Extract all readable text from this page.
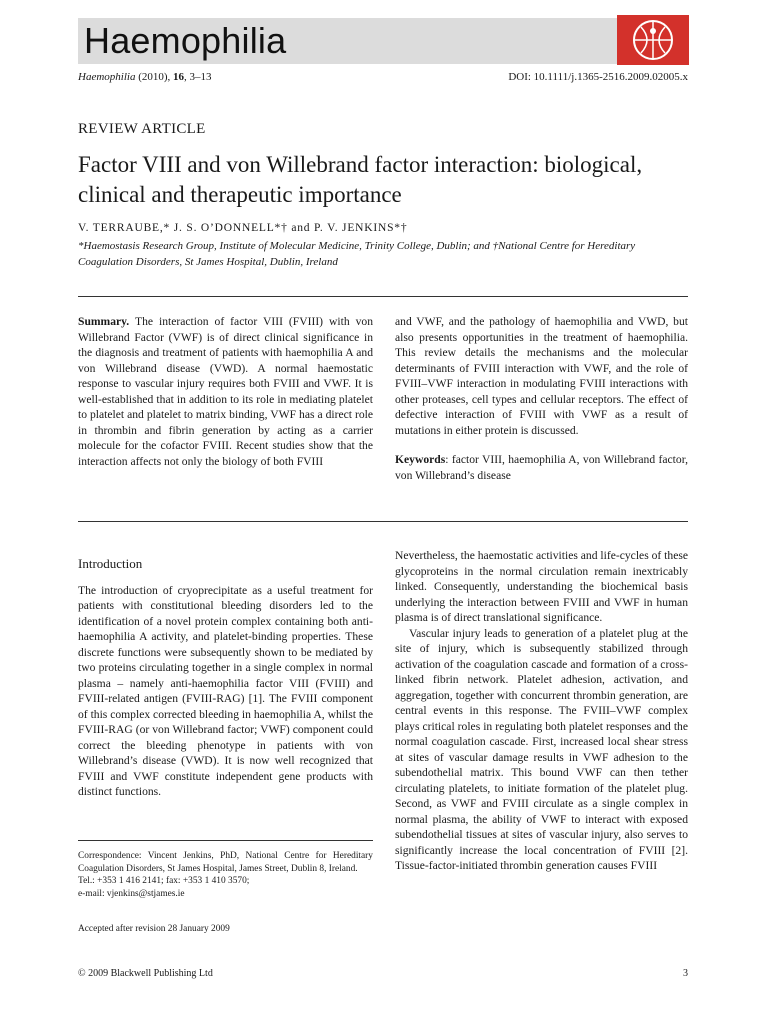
Haemophilia
Haemophilia (2010), 16, 3–13	DOI: 10.1111/j.1365-2516.2009.02005.x
REVIEW ARTICLE
Factor VIII and von Willebrand factor interaction: biological, clinical and therapeutic importance
V. TERRAUBE,* J. S. O’DONNELL*† and P. V. JENKINS*†
*Haemostasis Research Group, Institute of Molecular Medicine, Trinity College, Dublin; and †National Centre for Hereditary Coagulation Disorders, St James Hospital, Dublin, Ireland

Summary. The interaction of factor VIII (FVIII) with von Willebrand Factor (VWF) is of direct clinical significance in the diagnosis and treatment of patients with haemophilia A and von Willebrand disease (VWD). A normal haemostatic response to vascular injury requires both FVIII and VWF. It is well-established that in addition to its role in mediating platelet to platelet and platelet to matrix binding, VWF has a direct role in thrombin and fibrin generation by acting as a carrier molecule for the cofactor FVIII. Recent studies show that the interaction affects not only the biology of both FVIII

and VWF, and the pathology of haemophilia and VWD, but also presents opportunities in the treatment of haemophilia. This review details the mechanisms and the molecular determinants of FVIII interaction with VWF, and the role of FVIII–VWF interaction in modulating FVIII interactions with other proteases, cell types and cellular receptors. The effect of defective interaction of FVIII with VWF as a result of mutations in either protein is discussed.

Keywords: factor VIII, haemophilia A, von Willebrand factor, von Willebrand’s disease

Introduction

The introduction of cryoprecipitate as a useful treatment for patients with constitutional bleeding disorders led to the identification of a novel protein complex containing both anti-haemophilia A activity, and platelet-binding properties. These discrete functions were subsequently shown to be mediated by two proteins circulating together in a single complex in normal plasma – namely anti-haemophilia factor VIII (FVIII) and FVIII-related antigen (FVIII-RAG) [1]. The FVIII component of this complex corrected bleeding in haemophilia A, whilst the FVIII-RAG (or von Willebrand factor; VWF) component could correct the bleeding phenotype in patients with von Willebrand’s disease (VWD). It is now well recognized that FVIII and VWF constitute independent gene products with distinct functions.

Nevertheless, the haemostatic activities and life-cycles of these glycoproteins in the normal circulation remain inextricably linked. Consequently, understanding the biochemical basis underlying the interaction between FVIII and VWF in human plasma is of direct translational significance.

Vascular injury leads to generation of a platelet plug at the site of injury, which is subsequently stabilized through activation of the coagulation cascade and formation of a cross-linked fibrin network. Platelet adhesion, activation, and aggregation, together with concurrent thrombin generation, are central events in this response. The FVIII–VWF complex plays critical roles in regulating both platelet responses and the normal coagulation cascade. First, increased local shear stress at sites of vascular damage results in VWF adhesion to the subendothelial matrix. This bound VWF can then tether circulating platelets, to initiate formation of the platelet plug. Second, as VWF and FVIII circulate as a single complex in normal plasma, the ability of VWF to interact with exposed subendothelial tissues at sites of vascular injury, also serves to significantly increase the local concentration of FVIII [2]. Tissue-factor-initiated thrombin generation causes FVIII

Correspondence: Vincent Jenkins, PhD, National Centre for Hereditary Coagulation Disorders, St James Hospital, James Street, Dublin 8, Ireland.
Tel.: +353 1 416 2141; fax: +353 1 410 3570;
e-mail: vjenkins@stjames.ie
Accepted after revision 28 January 2009
© 2009 Blackwell Publishing Ltd	3
